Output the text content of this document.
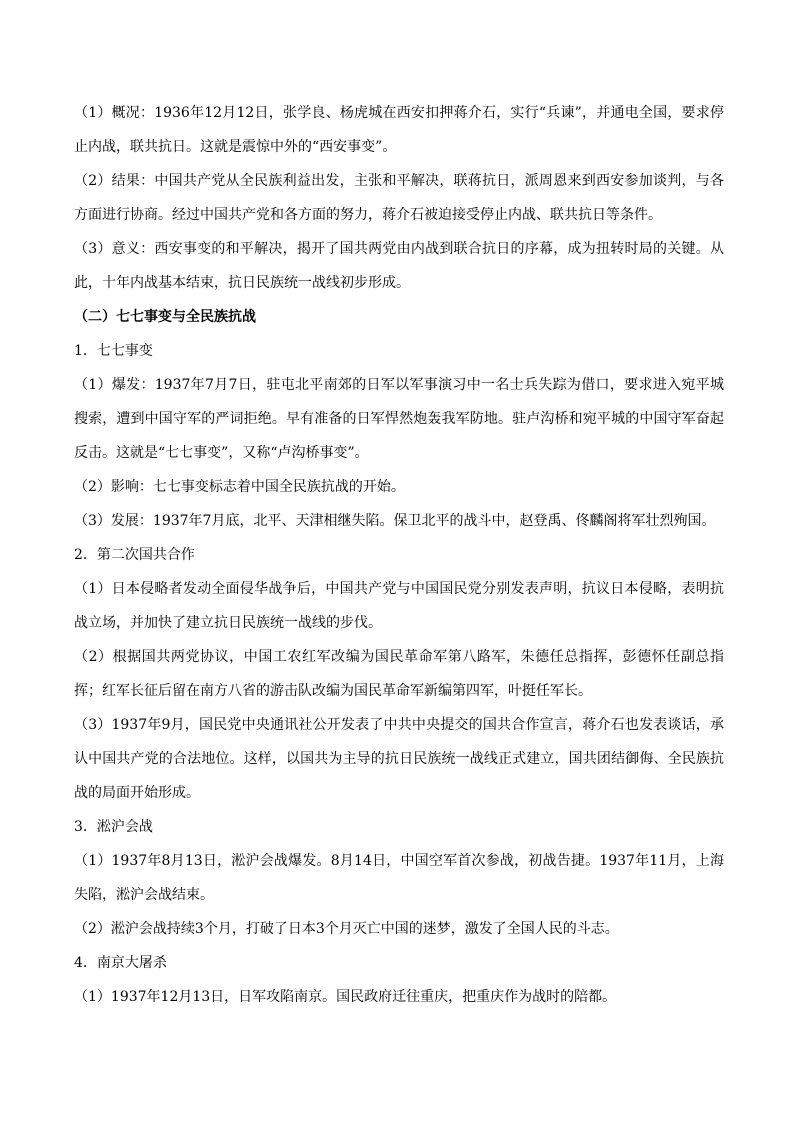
（1）概况：1936年12月12日，张学良、杨虎城在西安扣押蒋介石，实行“兵谏”，并通电全国，要求停止内战，联共抗日。这就是震惊中外的“西安事变”。

（2）结果：中国共产党从全民族利益出发，主张和平解决，联蒋抗日，派周恩来到西安参加谈判，与各方面进行协商。经过中国共产党和各方面的努力，蒋介石被迫接受停止内战、联共抗日等条件。

（3）意义：西安事变的和平解决，揭开了国共两党由内战到联合抗日的序幕，成为扭转时局的关键。从此，十年内战基本结束，抗日民族统一战线初步形成。

（二）七七事变与全民族抗战

1．七七事变

（1）爆发：1937年7月7日，驻屯北平南郊的日军以军事演习中一名士兵失踪为借口，要求进入宛平城搜索，遭到中国守军的严词拒绝。早有准备的日军悍然炮轰我军防地。驻卢沟桥和宛平城的中国守军奋起反击。这就是“七七事变”，又称“卢沟桥事变”。

（2）影响：七七事变标志着中国全民族抗战的开始。

（3）发展：1937年7月底，北平、天津相继失陷。保卫北平的战斗中，赵登禹、佟麟阁将军壮烈殉国。

2．第二次国共合作

（1）日本侵略者发动全面侵华战争后，中国共产党与中国国民党分别发表声明，抗议日本侵略，表明抗战立场，并加快了建立抗日民族统一战线的步伐。

（2）根据国共两党协议，中国工农红军改编为国民革命军第八路军，朱德任总指挥，彭德怀任副总指挥；红军长征后留在南方八省的游击队改编为国民革命军新编第四军，叶挺任军长。

（3）1937年9月，国民党中央通讯社公开发表了中共中央提交的国共合作宣言，蒋介石也发表谈话，承认中国共产党的合法地位。这样，以国共为主导的抗日民族统一战线正式建立，国共团结御侮、全民族抗战的局面开始形成。

3．淞沪会战

（1）1937年8月13日，淞沪会战爆发。8月14日，中国空军首次参战，初战告捷。1937年11月，上海失陷，淞沪会战结束。

（2）淞沪会战持续3个月，打破了日本3个月灭亡中国的迷梦，激发了全国人民的斗志。

4．南京大屠杀

（1）1937年12月13日，日军攻陷南京。国民政府迁往重庆，把重庆作为战时的陪都。
